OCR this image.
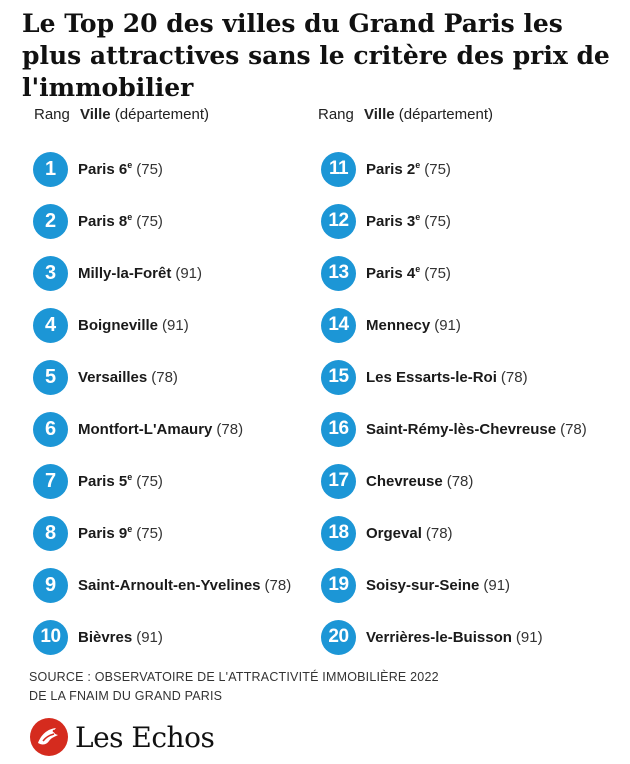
Le Top 20 des villes du Grand Paris les plus attractives sans le critère des prix de l'immobilier
Rang Ville (département)	Rang Ville (département)
1	Paris 6e (75)
2	Paris 8e (75)
3	Milly-la-Forêt (91)
4	Boigneville (91)
5	Versailles (78)
6	Montfort-L'Amaury (78)
7	Paris 5e (75)
8	Paris 9e (75)
9	Saint-Arnoult-en-Yvelines (78)
10	Bièvres (91)
11	Paris 2e (75)
12	Paris 3e (75)
13	Paris 4e (75)
14	Mennecy (91)
15	Les Essarts-le-Roi (78)
16	Saint-Rémy-lès-Chevreuse (78)
17	Chevreuse (78)
18	Orgeval (78)
19	Soisy-sur-Seine (91)
20	Verrières-le-Buisson (91)
SOURCE : OBSERVATOIRE DE L'ATTRACTIVITÉ IMMOBILIÈRE 2022
DE LA FNAIM DU GRAND PARIS
Les Echos
